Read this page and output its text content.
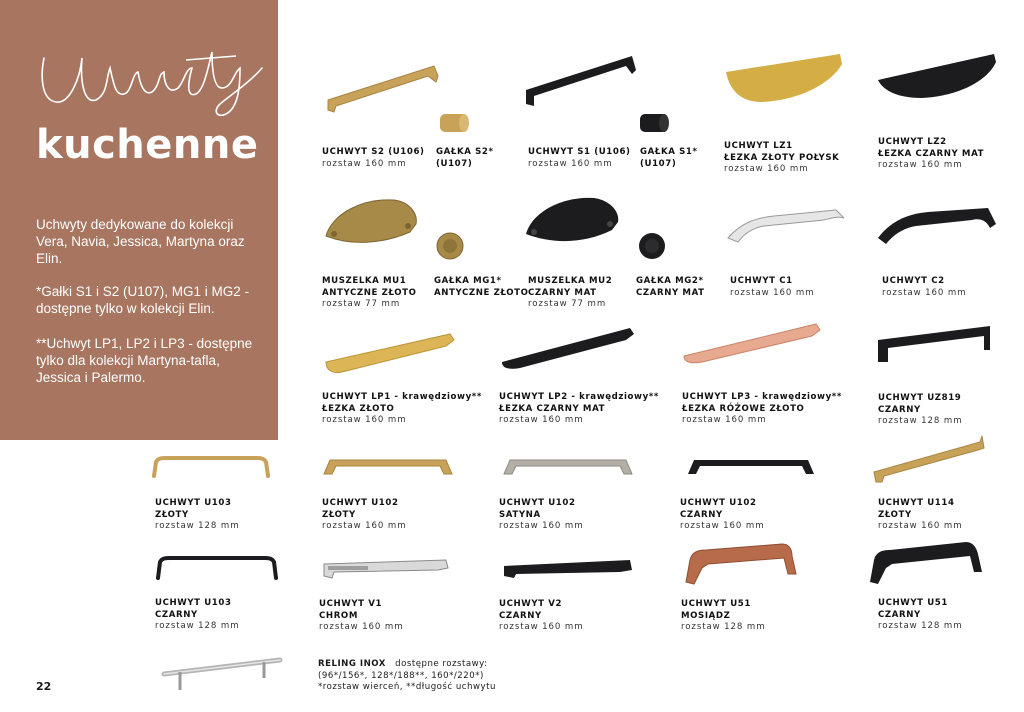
kuchenne
Uchwyty dedykowane do kolekcji Vera, Navia, Jessica, Martyna oraz Elin.
*Gałki S1 i S2 (U107), MG1 i MG2 - dostępne tylko w kolekcji Elin.
**Uchwyt LP1, LP2 i LP3 - dostępne tylko dla kolekcji Martyna-tafla, Jessica i Palermo.
22
UCHWYT S2 (U106)
rozstaw 160 mm
GAŁKA S2*
(U107)
UCHWYT S1 (U106)
rozstaw 160 mm
GAŁKA S1*
(U107)
UCHWYT LZ1
ŁEZKA ZŁOTY POŁYSK
rozstaw 160 mm
UCHWYT LZ2
ŁEZKA CZARNY MAT
rozstaw 160 mm
MUSZELKA MU1
ANTYCZNE ZŁOTO
rozstaw 77 mm
GAŁKA MG1*
ANTYCZNE ZŁOTO
MUSZELKA MU2
CZARNY MAT
rozstaw 77 mm
GAŁKA MG2*
CZARNY MAT
UCHWYT C1
rozstaw 160 mm
UCHWYT C2
rozstaw 160 mm
UCHWYT LP1 - krawędziowy**
ŁEZKA ZŁOTO
rozstaw 160 mm
UCHWYT LP2 - krawędziowy**
ŁEZKA CZARNY MAT
rozstaw 160 mm
UCHWYT LP3 - krawędziowy**
ŁEZKA RÓŻOWE ZŁOTO
rozstaw 160 mm
UCHWYT UZ819
CZARNY
rozstaw 128 mm
UCHWYT U103
ZŁOTY
rozstaw 128 mm
UCHWYT U102
ZŁOTY
rozstaw 160 mm
UCHWYT U102
SATYNA
rozstaw 160 mm
UCHWYT U102
CZARNY
rozstaw 160 mm
UCHWYT U114
ZŁOTY
rozstaw 160 mm
UCHWYT U103
CZARNY
rozstaw 128 mm
UCHWYT V1
CHROM
rozstaw 160 mm
UCHWYT V2
CZARNY
rozstaw 160 mm
UCHWYT U51
MOSIĄDZ
rozstaw 128 mm
UCHWYT U51
CZARNY
rozstaw 128 mm
RELING INOX dostępne rozstawy:
(96*/156*, 128*/188**, 160*/220*)
*rozstaw wierceń, **długość uchwytu
